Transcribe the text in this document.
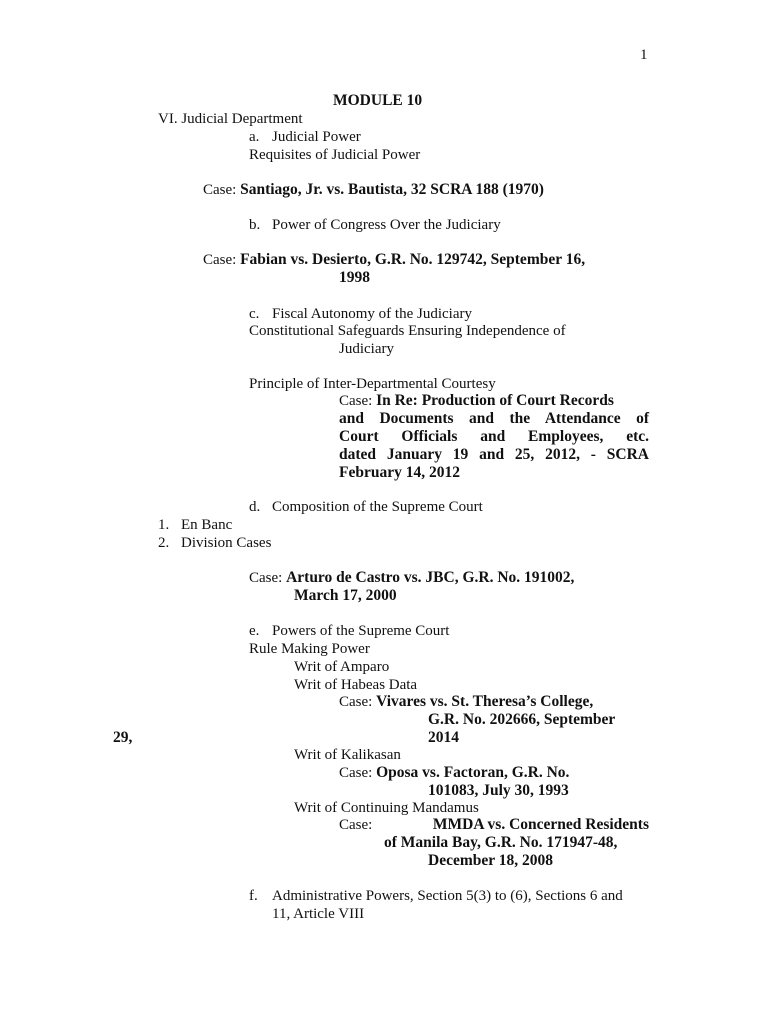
1
MODULE 10
VI. Judicial Department
a. Judicial Power
Requisites of Judicial Power
Case: Santiago, Jr. vs. Bautista, 32 SCRA 188 (1970)
b. Power of Congress Over the Judiciary
Case: Fabian vs. Desierto, G.R. No. 129742, September 16,
1998
c. Fiscal Autonomy of the Judiciary
Constitutional Safeguards Ensuring Independence of
Judiciary
Principle of Inter-Departmental Courtesy
Case: In Re: Production of Court Records
and Documents and the Attendance of
Court Officials and Employees, etc.
dated January 19 and 25, 2012, - SCRA
February 14, 2012
d. Composition of the Supreme Court
1. En Banc
2. Division Cases
Case: Arturo de Castro vs. JBC, G.R. No. 191002,
March 17, 2000
e. Powers of the Supreme Court
Rule Making Power
Writ of Amparo
Writ of Habeas Data
Case: Vivares vs. St. Theresa’s College,
G.R. No. 202666, September
29,	2014
Writ of Kalikasan
Case: Oposa vs. Factoran, G.R. No.
101083, July 30, 1993
Writ of Continuing Mandamus
Case:	MMDA vs. Concerned Residents
of Manila Bay, G.R. No. 171947-48,
December 18, 2008
f. Administrative Powers, Section 5(3) to (6), Sections 6 and
11, Article VIII
